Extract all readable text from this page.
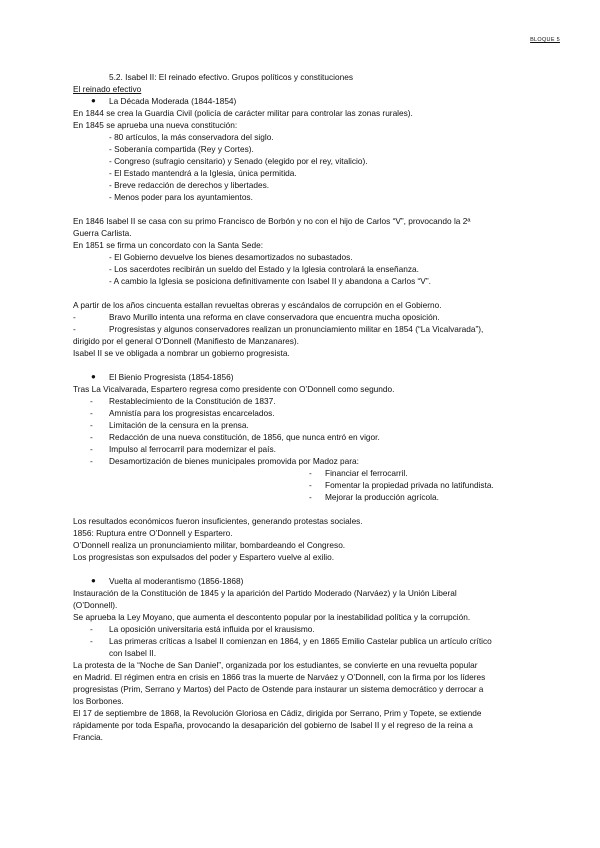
BLOQUE 5
5.2. Isabel II: El reinado efectivo. Grupos políticos y constituciones
El reinado efectivo
● La Década Moderada (1844-1854)
En 1844 se crea la Guardia Civil (policía de carácter militar para controlar las zonas rurales).
En 1845 se aprueba una nueva constitución:
- 80 artículos, la más conservadora del siglo.
- Soberanía compartida (Rey y Cortes).
- Congreso (sufragio censitario) y Senado (elegido por el rey, vitalicio).
- El Estado mantendrá a la Iglesia, única permitida.
- Breve redacción de derechos y libertades.
- Menos poder para los ayuntamientos.
En 1846 Isabel II se casa con su primo Francisco de Borbón y no con el hijo de Carlos “V”, provocando la 2ª
Guerra Carlista.
En 1851 se firma un concordato con la Santa Sede:
- El Gobierno devuelve los bienes desamortizados no subastados.
- Los sacerdotes recibirán un sueldo del Estado y la Iglesia controlará la enseñanza.
- A cambio la Iglesia se posiciona definitivamente con Isabel II y abandona a Carlos “V”.
A partir de los años cincuenta estallan revueltas obreras y escándalos de corrupción en el Gobierno.
-	Bravo Murillo intenta una reforma en clave conservadora que encuentra mucha oposición.
-	Progresistas y algunos conservadores realizan un pronunciamiento militar en 1854 (“La Vicalvarada”),
dirigido por el general O’Donnell (Manifiesto de Manzanares).
Isabel II se ve obligada a nombrar un gobierno progresista.
● El Bienio Progresista (1854-1856)
Tras La Vicalvarada, Espartero regresa como presidente con O’Donnell como segundo.
- Restablecimiento de la Constitución de 1837.
- Amnistía para los progresistas encarcelados.
- Limitación de la censura en la prensa.
- Redacción de una nueva constitución, de 1856, que nunca entró en vigor.
- Impulso al ferrocarril para modernizar el país.
- Desamortización de bienes municipales promovida por Madoz para:
- Financiar el ferrocarril.
- Fomentar la propiedad privada no latifundista.
- Mejorar la producción agrícola.
Los resultados económicos fueron insuficientes, generando protestas sociales.
1856: Ruptura entre O’Donnell y Espartero.
O’Donnell realiza un pronunciamiento militar, bombardeando el Congreso.
Los progresistas son expulsados del poder y Espartero vuelve al exilio.
● Vuelta al moderantismo (1856-1868)
Instauración de la Constitución de 1845 y la aparición del Partido Moderado (Narváez) y la Unión Liberal
(O’Donnell).
Se aprueba la Ley Moyano, que aumenta el descontento popular por la inestabilidad política y la corrupción.
- La oposición universitaria está influida por el krausismo.
- Las primeras críticas a Isabel II comienzan en 1864, y en 1865 Emilio Castelar publica un artículo crítico
con Isabel II.
La protesta de la “Noche de San Daniel”, organizada por los estudiantes, se convierte en una revuelta popular
en Madrid. El régimen entra en crisis en 1866 tras la muerte de Narváez y O’Donnell, con la firma por los líderes
progresistas (Prim, Serrano y Martos) del Pacto de Ostende para instaurar un sistema democrático y derrocar a
los Borbones.
El 17 de septiembre de 1868, la Revolución Gloriosa en Cádiz, dirigida por Serrano, Prim y Topete, se extiende
rápidamente por toda España, provocando la desaparición del gobierno de Isabel II y el regreso de la reina a
Francia.
